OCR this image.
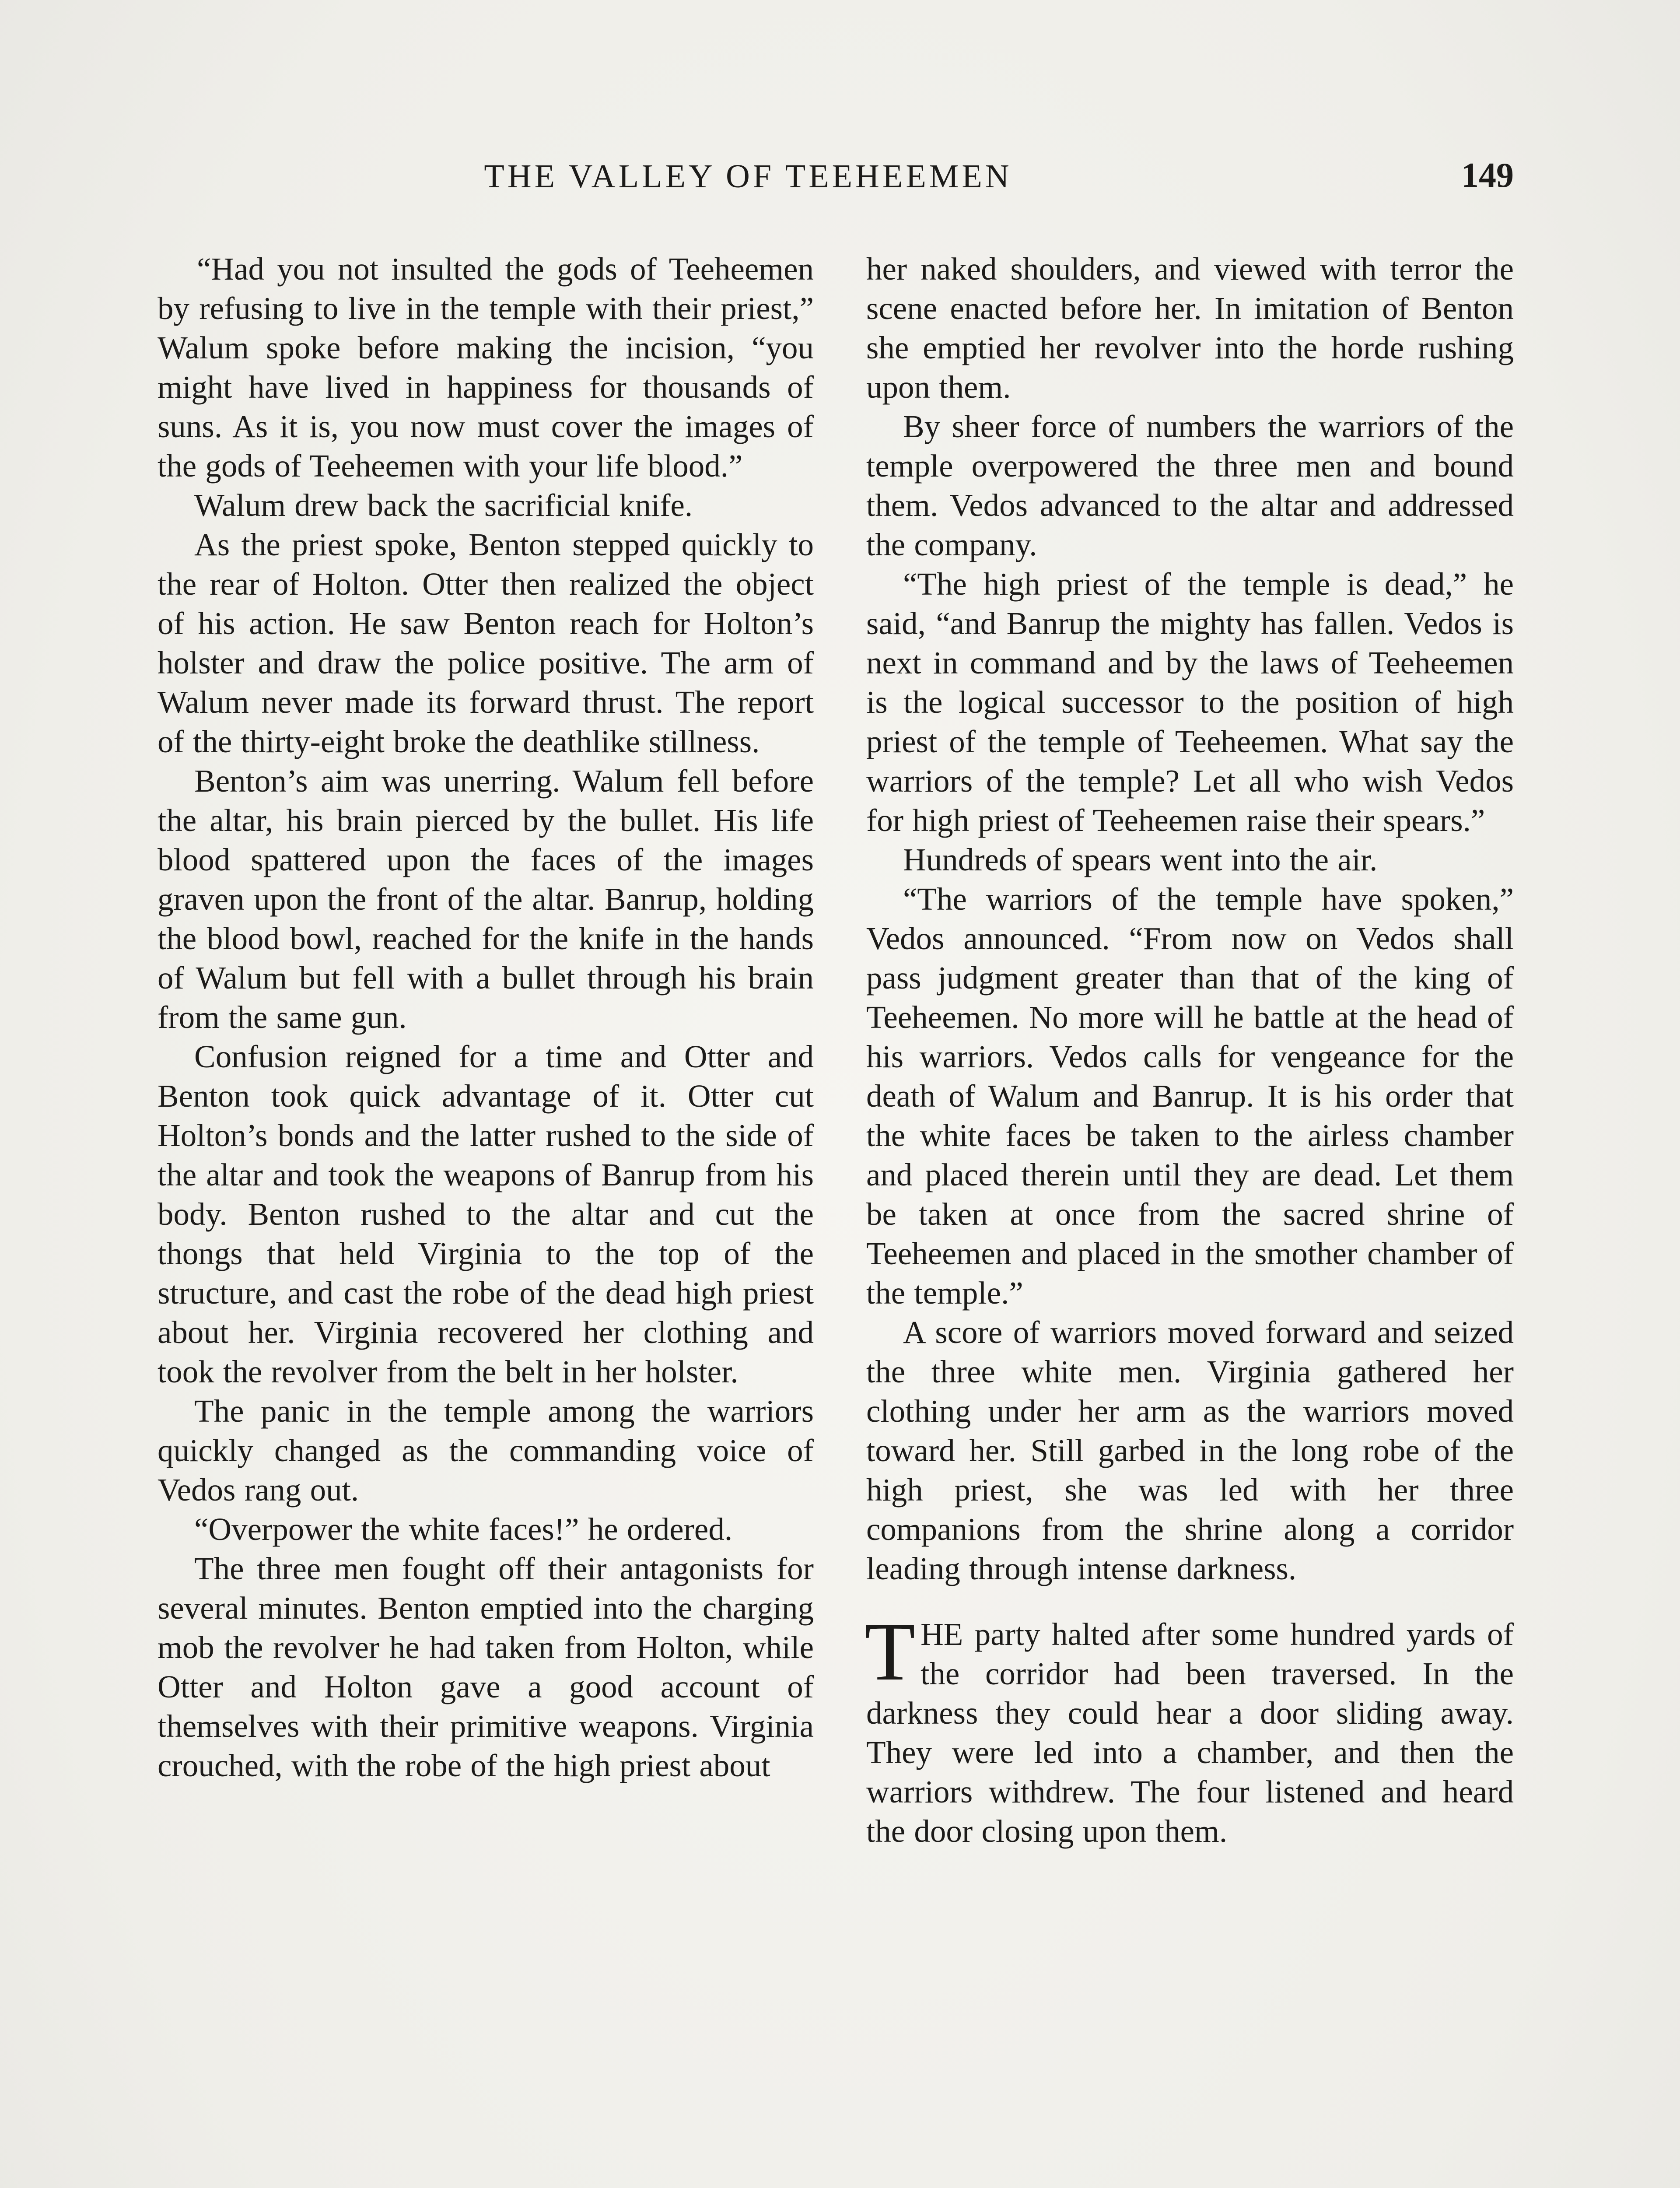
THE VALLEY OF TEEHEEMEN	149

“Had you not insulted the gods of Teeheemen by refusing to live in the temple with their priest,” Walum spoke before making the incision, “you might have lived in happiness for thousands of suns. As it is, you now must cover the images of the gods of Teeheemen with your life blood.”

Walum drew back the sacrificial knife.

As the priest spoke, Benton stepped quickly to the rear of Holton. Otter then realized the object of his action. He saw Benton reach for Holton’s holster and draw the police positive. The arm of Walum never made its forward thrust. The report of the thirty-eight broke the deathlike stillness.

Benton’s aim was unerring. Walum fell before the altar, his brain pierced by the bullet. His life blood spattered upon the faces of the images graven upon the front of the altar. Banrup, holding the blood bowl, reached for the knife in the hands of Walum but fell with a bullet through his brain from the same gun.

Confusion reigned for a time and Otter and Benton took quick advantage of it. Otter cut Holton’s bonds and the latter rushed to the side of the altar and took the weapons of Banrup from his body. Benton rushed to the altar and cut the thongs that held Virginia to the top of the structure, and cast the robe of the dead high priest about her. Virginia recovered her clothing and took the revolver from the belt in her holster.

The panic in the temple among the warriors quickly changed as the commanding voice of Vedos rang out.

“Overpower the white faces!” he ordered.

The three men fought off their antagonists for several minutes. Benton emptied into the charging mob the revolver he had taken from Holton, while Otter and Holton gave a good account of themselves with their primitive weapons. Virginia crouched, with the robe of the high priest about

her naked shoulders, and viewed with terror the scene enacted before her. In imitation of Benton she emptied her revolver into the horde rushing upon them.

By sheer force of numbers the warriors of the temple overpowered the three men and bound them. Vedos advanced to the altar and addressed the company.

“The high priest of the temple is dead,” he said, “and Banrup the mighty has fallen. Vedos is next in command and by the laws of Teeheemen is the logical successor to the position of high priest of the temple of Teeheemen. What say the warriors of the temple? Let all who wish Vedos for high priest of Teeheemen raise their spears.”

Hundreds of spears went into the air.

“The warriors of the temple have spoken,” Vedos announced. “From now on Vedos shall pass judgment greater than that of the king of Teeheemen. No more will he battle at the head of his warriors. Vedos calls for vengeance for the death of Walum and Banrup. It is his order that the white faces be taken to the airless chamber and placed therein until they are dead. Let them be taken at once from the sacred shrine of Teeheemen and placed in the smother chamber of the temple.”

A score of warriors moved forward and seized the three white men. Virginia gathered her clothing under her arm as the warriors moved toward her. Still garbed in the long robe of the high priest, she was led with her three companions from the shrine along a corridor leading through intense darkness.

THE party halted after some hundred yards of the corridor had been traversed. In the darkness they could hear a door sliding away. They were led into a chamber, and then the warriors withdrew. The four listened and heard the door closing upon them.
